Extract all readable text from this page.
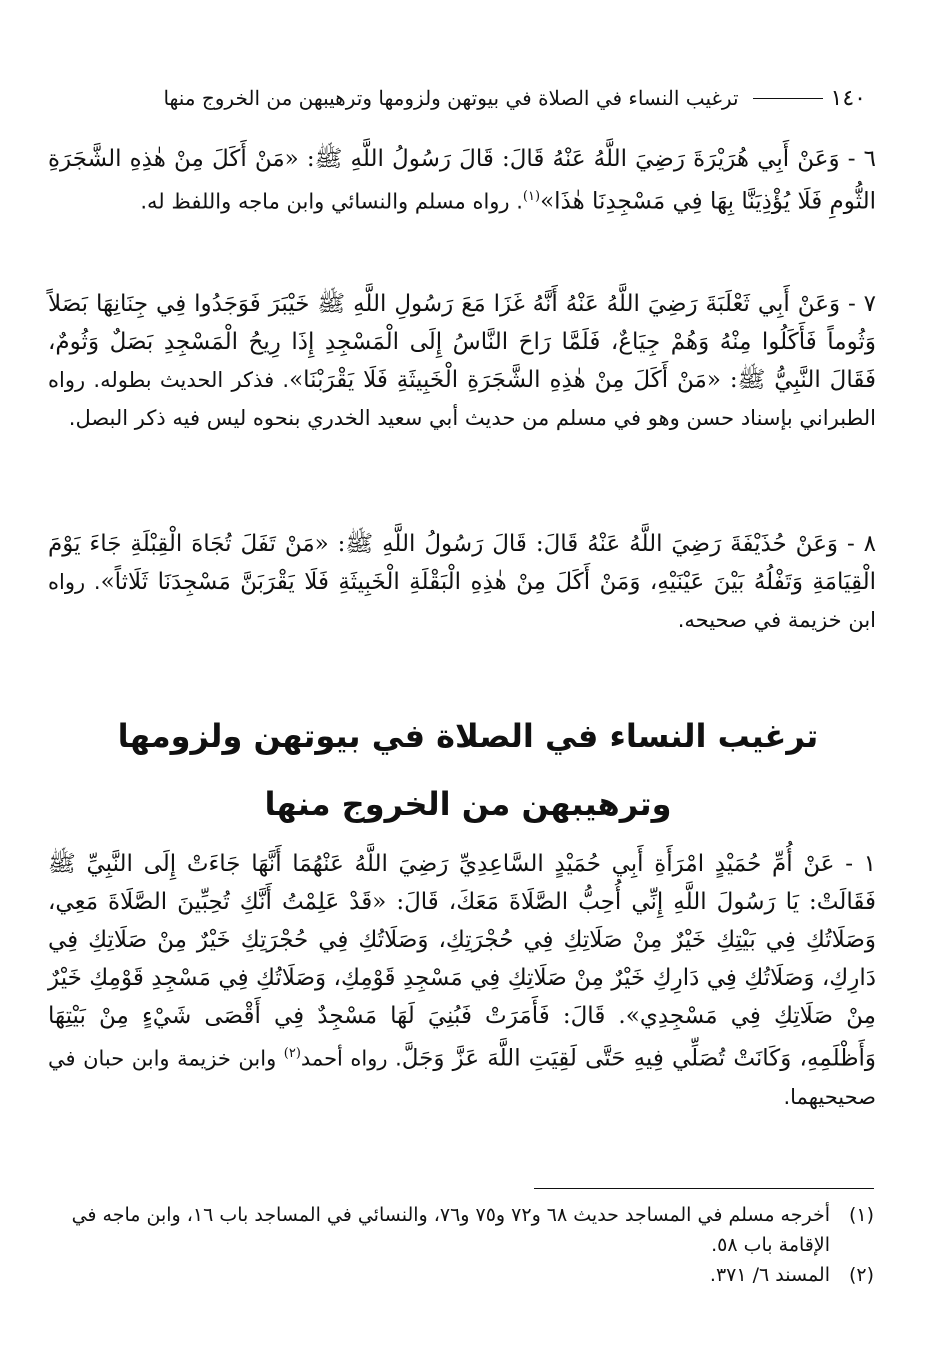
١٤٠
ترغيب النساء في الصلاة في بيوتهن ولزومها وترهيبهن من الخروج منها
٦ - وَعَنْ أَبِي هُرَيْرَةَ رَضِيَ اللَّهُ عَنْهُ قَالَ: قَالَ رَسُولُ اللَّهِ ﷺ: «مَنْ أَكَلَ مِنْ هٰذِهِ الشَّجَرَةِ الثُّومِ فَلَا يُؤْذِيَنَّا بِهَا فِي مَسْجِدِنَا هٰذَا»$^{(١)}$. رواه مسلم والنسائي وابن ماجه واللفظ له.
٧ - وَعَنْ أَبِي ثَعْلَبَةَ رَضِيَ اللَّهُ عَنْهُ أَنَّهُ غَزَا مَعَ رَسُولِ اللَّهِ ﷺ خَيْبَرَ فَوَجَدُوا فِي جِنَانِهَا بَصَلاً وَثُوماً فَأَكَلُوا مِنْهُ وَهُمْ جِيَاعٌ، فَلَمَّا رَاحَ النَّاسُ إِلَى الْمَسْجِدِ إِذَا رِيحُ الْمَسْجِدِ بَصَلٌ وَثُومٌ، فَقَالَ النَّبِيُّ ﷺ: «مَنْ أَكَلَ مِنْ هٰذِهِ الشَّجَرَةِ الْخَبِيثَةِ فَلَا يَقْرَبْنَا». فذكر الحديث بطوله. رواه الطبراني بإسناد حسن وهو في مسلم من حديث أبي سعيد الخدري بنحوه ليس فيه ذكر البصل.
٨ - وَعَنْ حُذَيْفَةَ رَضِيَ اللَّهُ عَنْهُ قَالَ: قَالَ رَسُولُ اللَّهِ ﷺ: «مَنْ تَفَلَ تُجَاهَ الْقِبْلَةِ جَاءَ يَوْمَ الْقِيَامَةِ وَتَفْلُهُ بَيْنَ عَيْنَيْهِ، وَمَنْ أَكَلَ مِنْ هٰذِهِ الْبَقْلَةِ الْخَبِيثَةِ فَلَا يَقْرَبَنَّ مَسْجِدَنَا ثَلَاثاً». رواه ابن خزيمة في صحيحه.
ترغيب النساء في الصلاة في بيوتهن ولزومها
وترهيبهن من الخروج منها
١ - عَنْ أُمِّ حُمَيْدٍ امْرَأَةِ أَبِي حُمَيْدٍ السَّاعِدِيِّ رَضِيَ اللَّهُ عَنْهُمَا أَنَّهَا جَاءَتْ إِلَى النَّبِيِّ ﷺ فَقَالَتْ: يَا رَسُولَ اللَّهِ إِنِّي أُحِبُّ الصَّلَاةَ مَعَكَ، قَالَ: «قَدْ عَلِمْتُ أَنَّكِ تُحِبِّينَ الصَّلَاةَ مَعِي، وَصَلَاتُكِ فِي بَيْتِكِ خَيْرٌ مِنْ صَلَاتِكِ فِي حُجْرَتِكِ، وَصَلَاتُكِ فِي حُجْرَتِكِ خَيْرٌ مِنْ صَلَاتِكِ فِي دَارِكِ، وَصَلَاتُكِ فِي دَارِكِ خَيْرٌ مِنْ صَلَاتِكِ فِي مَسْجِدِ قَوْمِكِ، وَصَلَاتُكِ فِي مَسْجِدِ قَوْمِكِ خَيْرٌ مِنْ صَلَاتِكِ فِي مَسْجِدِي». قَالَ: فَأَمَرَتْ فَبُنِيَ لَهَا مَسْجِدٌ فِي أَقْصَى شَيْءٍ مِنْ بَيْتِهَا وَأَظْلَمِهِ، وَكَانَتْ تُصَلِّي فِيهِ حَتَّى لَقِيَتِ اللَّهَ عَزَّ وَجَلَّ. رواه أحمد$^{(٢)}$ وابن خزيمة وابن حبان في صحيحيهما.
(١)
أخرجه مسلم في المساجد حديث ٦٨ و٧٢ و٧٥ و٧٦، والنسائي في المساجد باب ١٦، وابن ماجه في الإقامة باب ٥٨.
(٢)
المسند ٦/ ٣٧١.
